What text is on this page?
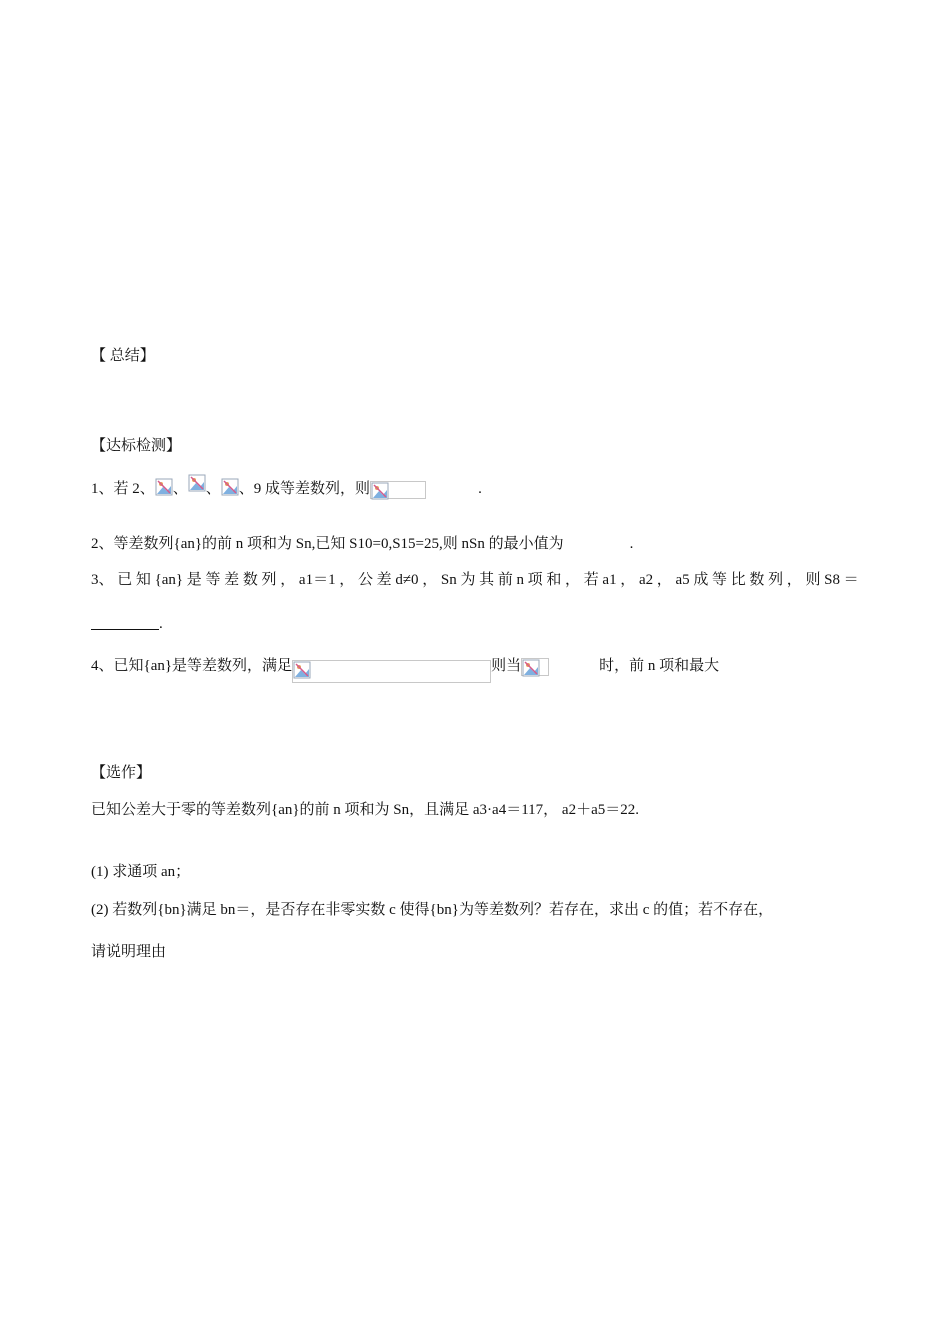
【 总结】
【达标检测】
1、若 2、 、 、 、9 成等差数列，则	.
2、等差数列{an}的前 n 项和为 Sn,已知 S10=0,S15=25,则 nSn 的最小值为	.
3、 已 知 {an} 是 等 差 数 列 ， a1＝1 ， 公 差 d≠0 ， Sn 为 其 前 n 项 和 ， 若 a1 ， a2 ， a5 成 等 比 数 列 ， 则 S8 ＝
.
4、已知{an}是等差数列，满足	则当	时，前 n 项和最大
【选作】
已知公差大于零的等差数列{an}的前 n 项和为 Sn，且满足 a3·a4＝117， a2＋a5＝22.
(1) 求通项 an；
(2) 若数列{bn}满足 bn＝，是否存在非零实数 c 使得{bn}为等差数列？若存在，求出 c 的值；若不存在，
请说明理由
